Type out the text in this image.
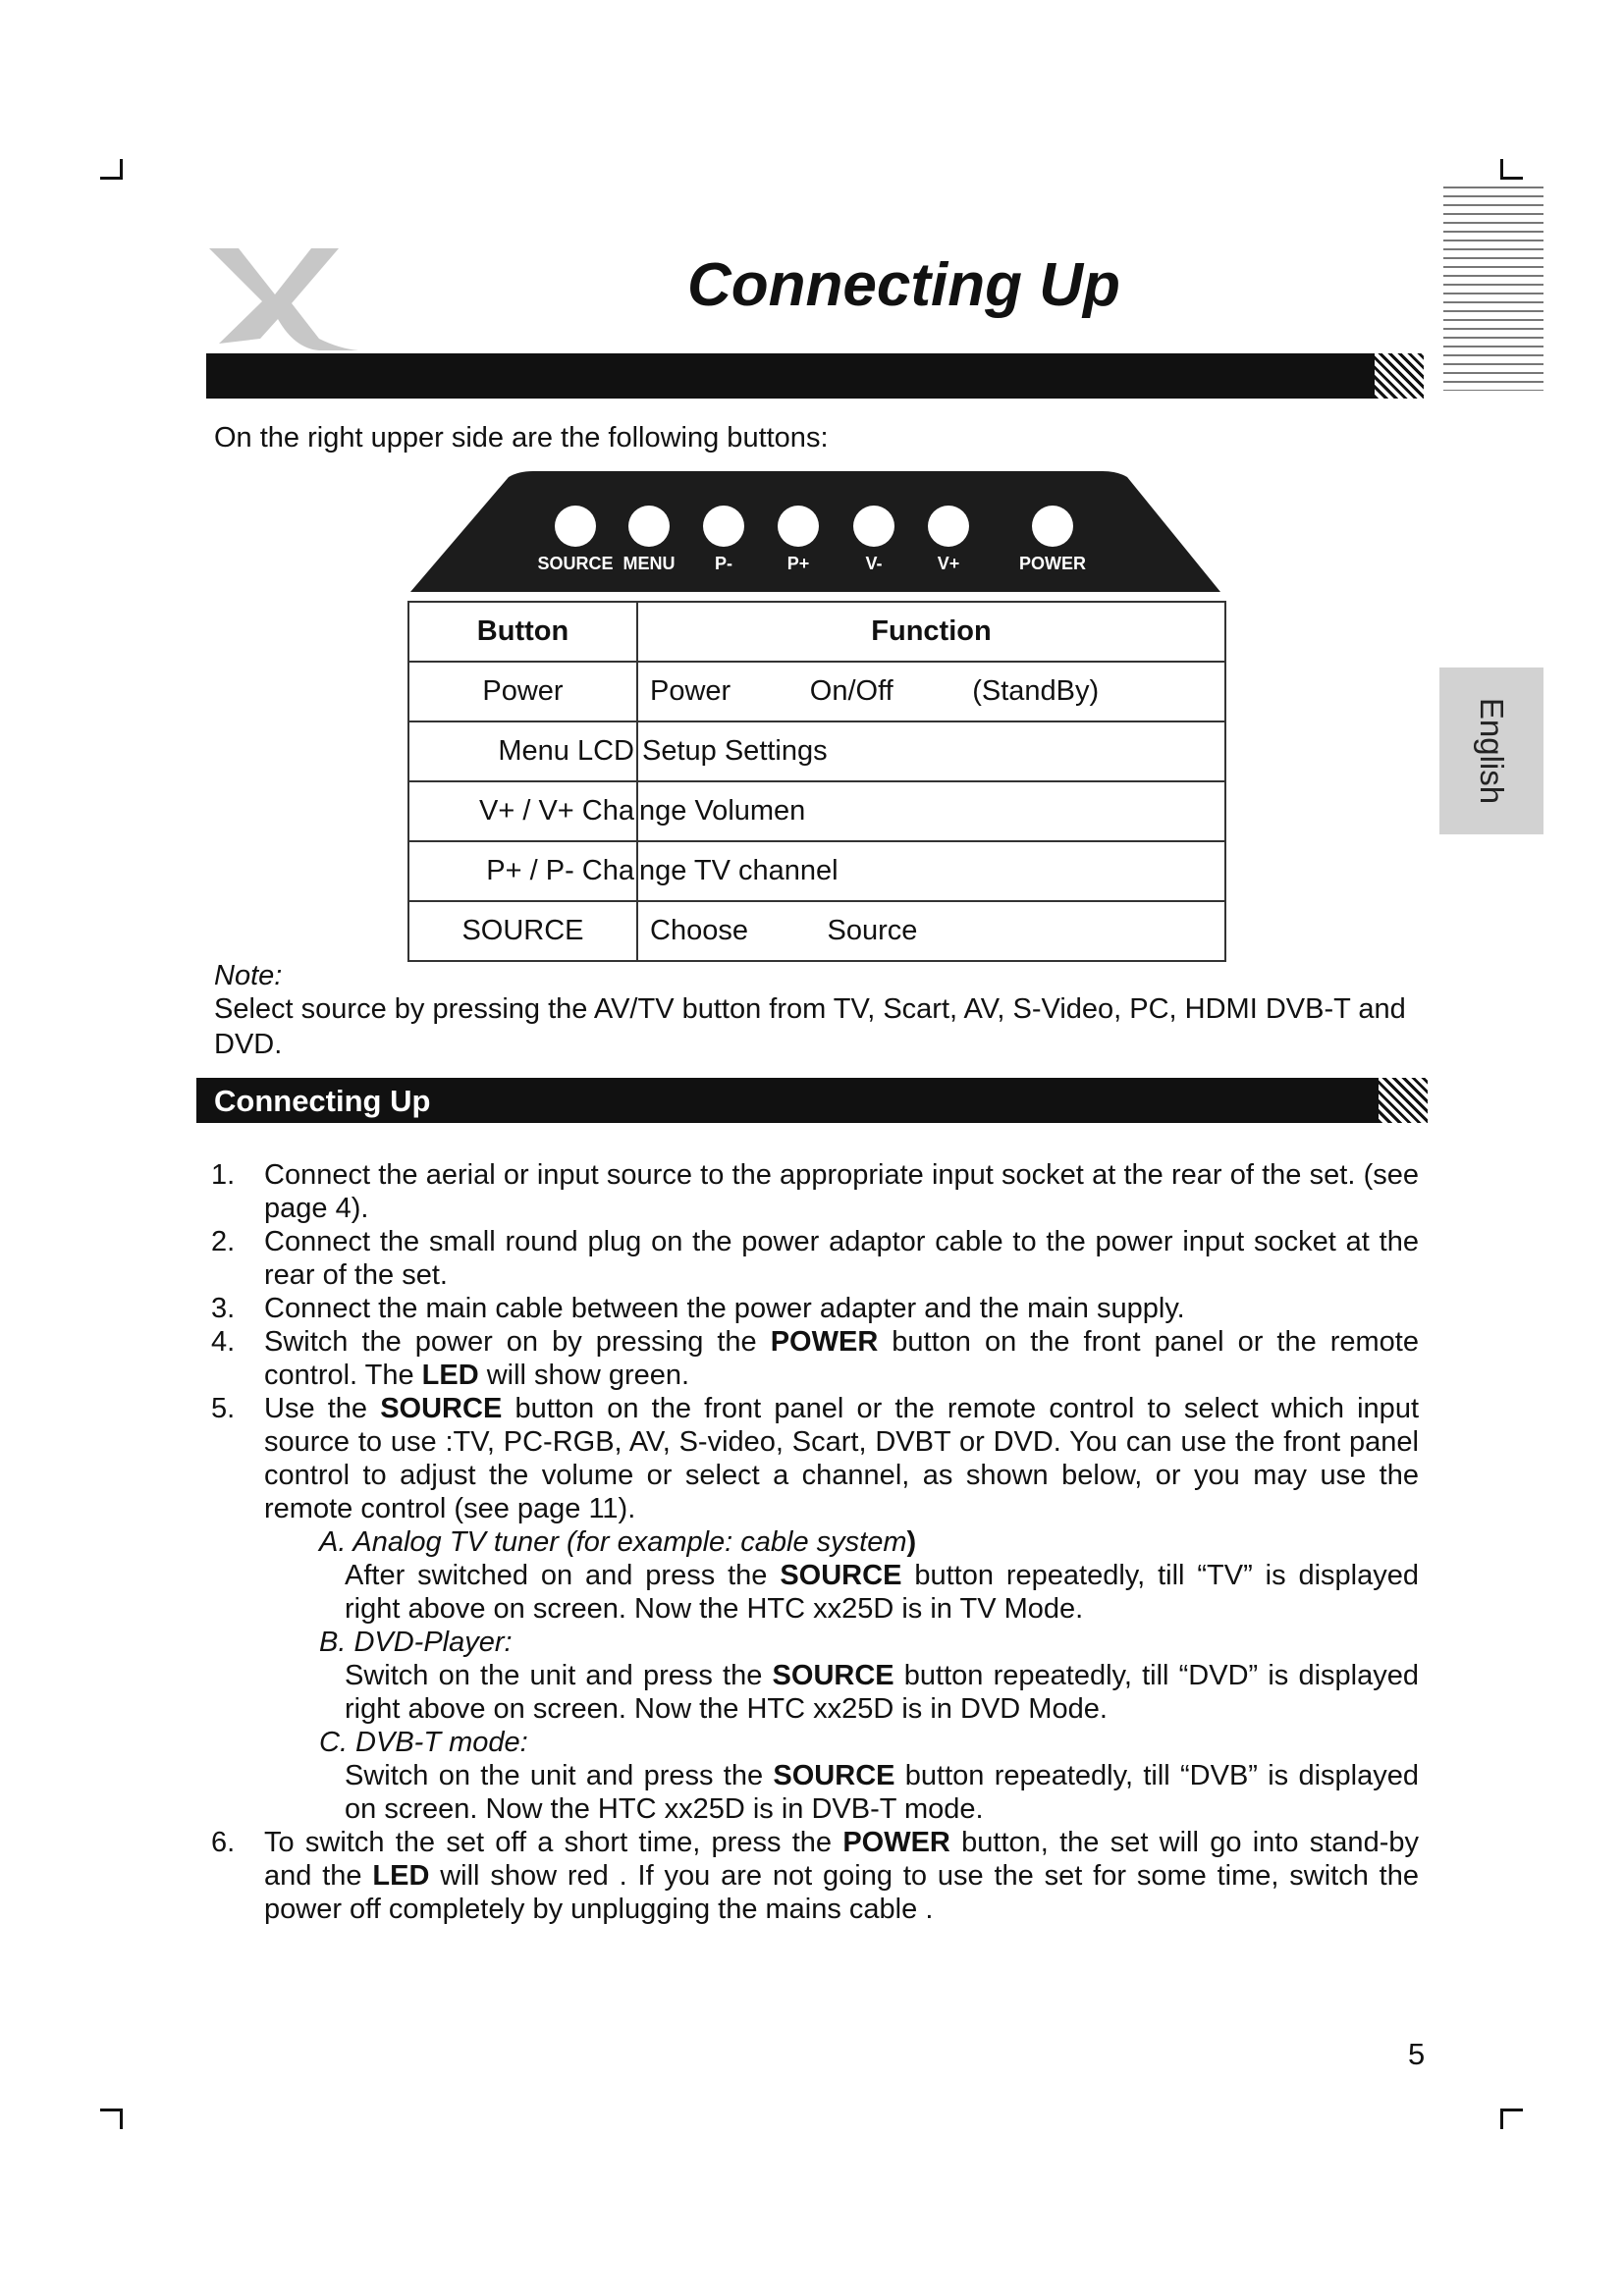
Connecting Up
On the right upper side are the following buttons:
SOURCE MENU P-	P+	V-	V+	POWER
Button	Function
Power	Power          On/Off          (StandBy)
Menu LCD	Setup Settings
V+ / V+ Cha	nge Volumen
P+ / P- Cha	nge TV channel
SOURCE	Choose          Source
English
Note:
Select source by pressing the AV/TV button from TV, Scart, AV, S-Video, PC, HDMI DVB-T and DVD.
Connecting Up
1. Connect the aerial or input source to the appropriate input socket at the rear of the set. (see page 4).
2. Connect the small round plug on the power adaptor cable to the power input socket at the rear of the set.
3. Connect the main cable between the power adapter and the main supply.
4. Switch the power on by pressing the POWER button on the front panel or the remote control. The LED will show green.
5. Use the SOURCE button on the front panel or the remote control to select which input source to use :TV, PC-RGB, AV, S-video, Scart, DVBT or DVD. You can use the front panel control to adjust the volume or select a channel, as shown below, or you may use the remote control (see page 11).
A. Analog TV tuner (for example: cable system)
After switched on and press the SOURCE button repeatedly, till “TV” is displayed right above on screen. Now the HTC xx25D is in TV Mode.
B. DVD-Player:
Switch on the unit and press the SOURCE button repeatedly, till “DVD” is displayed right above on screen. Now the HTC xx25D is in DVD Mode.
C. DVB-T mode:
Switch on the unit and press the SOURCE button repeatedly, till “DVB” is displayed on screen. Now the HTC xx25D is in DVB-T mode.
6. To switch the set off a short time, press the POWER button, the set will go into stand-by and the LED will show red . If you are not going to use the set for some time, switch the power off completely by unplugging the mains cable .
5
